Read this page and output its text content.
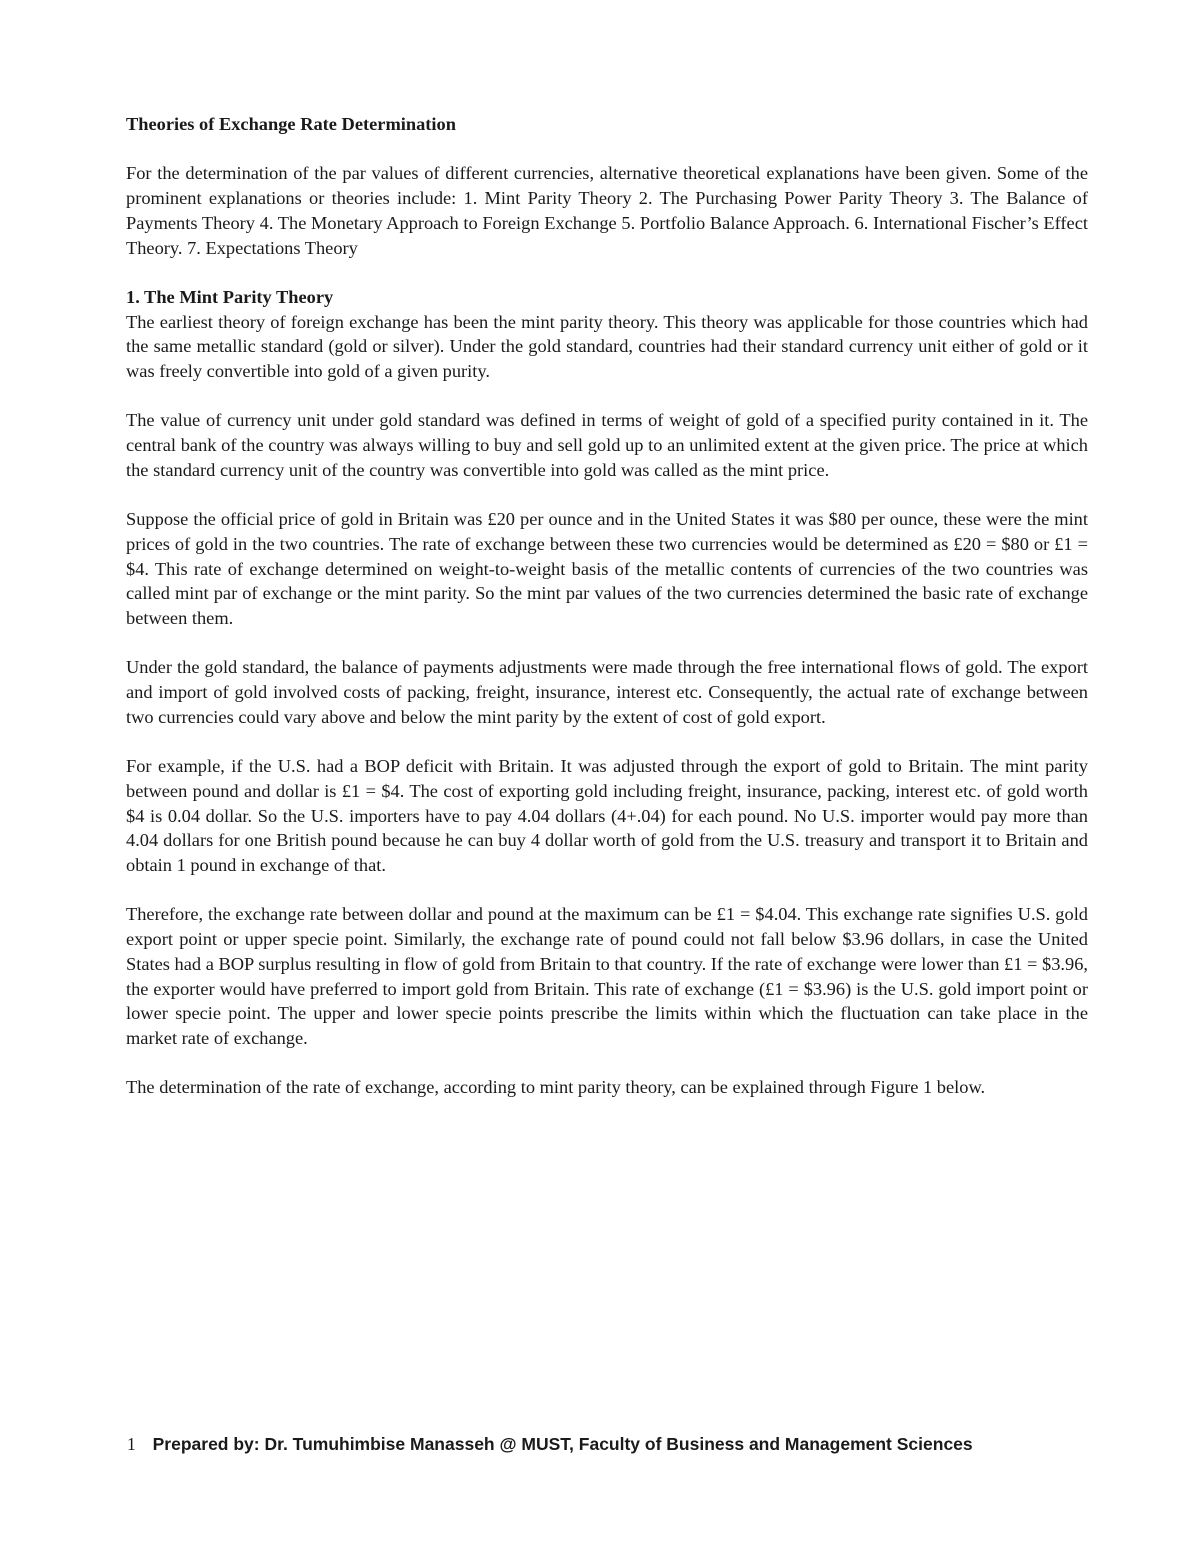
Theories of Exchange Rate Determination

For the determination of the par values of different currencies, alternative theoretical explanations have been given. Some of the prominent explanations or theories include: 1. Mint Parity Theory 2. The Purchasing Power Parity Theory 3. The Balance of Payments Theory 4. The Monetary Approach to Foreign Exchange 5. Portfolio Balance Approach. 6. International Fischer’s Effect Theory. 7. Expectations Theory

1. The Mint Parity Theory

The earliest theory of foreign exchange has been the mint parity theory. This theory was applicable for those countries which had the same metallic standard (gold or silver). Under the gold standard, countries had their standard currency unit either of gold or it was freely convertible into gold of a given purity.

The value of currency unit under gold standard was defined in terms of weight of gold of a specified purity contained in it. The central bank of the country was always willing to buy and sell gold up to an unlimited extent at the given price. The price at which the standard currency unit of the country was convertible into gold was called as the mint price.

Suppose the official price of gold in Britain was £20 per ounce and in the United States it was $80 per ounce, these were the mint prices of gold in the two countries. The rate of exchange between these two currencies would be determined as £20 = $80 or £1 = $4. This rate of exchange determined on weight-to-weight basis of the metallic contents of currencies of the two countries was called mint par of exchange or the mint parity. So the mint par values of the two currencies determined the basic rate of exchange between them.

Under the gold standard, the balance of payments adjustments were made through the free international flows of gold. The export and import of gold involved costs of packing, freight, insurance, interest etc. Consequently, the actual rate of exchange between two currencies could vary above and below the mint parity by the extent of cost of gold export.

For example, if the U.S. had a BOP deficit with Britain. It was adjusted through the export of gold to Britain. The mint parity between pound and dollar is £1 = $4. The cost of exporting gold including freight, insurance, packing, interest etc. of gold worth $4 is 0.04 dollar. So the U.S. importers have to pay 4.04 dollars (4+.04) for each pound. No U.S. importer would pay more than 4.04 dollars for one British pound because he can buy 4 dollar worth of gold from the U.S. treasury and transport it to Britain and obtain 1 pound in exchange of that.

Therefore, the exchange rate between dollar and pound at the maximum can be £1 = $4.04. This exchange rate signifies U.S. gold export point or upper specie point. Similarly, the exchange rate of pound could not fall below $3.96 dollars, in case the United States had a BOP surplus resulting in flow of gold from Britain to that country. If the rate of exchange were lower than £1 = $3.96, the exporter would have preferred to import gold from Britain. This rate of exchange (£1 = $3.96) is the U.S. gold import point or lower specie point. The upper and lower specie points prescribe the limits within which the fluctuation can take place in the market rate of exchange.

The determination of the rate of exchange, according to mint parity theory, can be explained through Figure 1 below.

1 Prepared by: Dr. Tumuhimbise Manasseh @ MUST, Faculty of Business and Management Sciences
